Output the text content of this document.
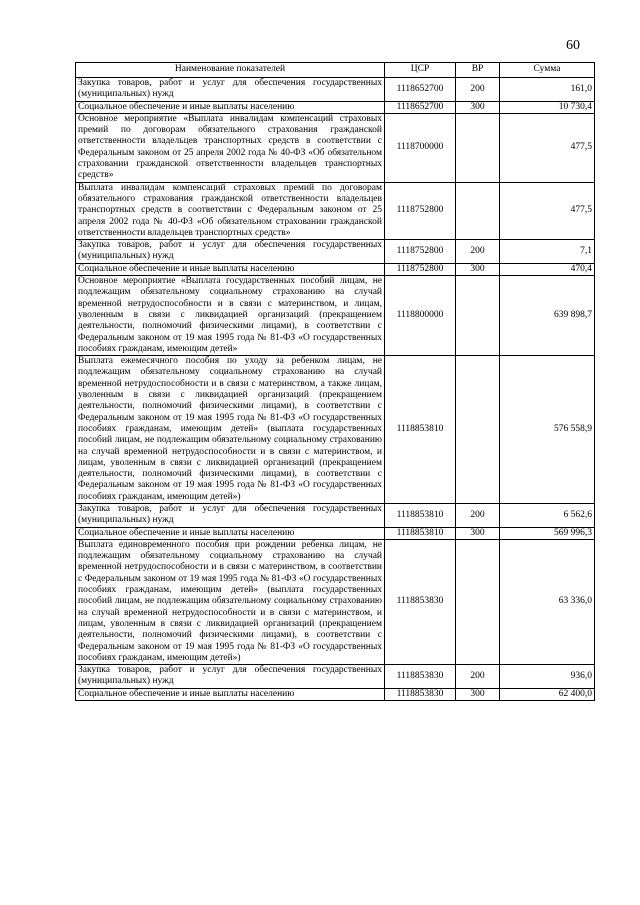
60
Наименование показателей	ЦСР	ВР	Сумма
Закупка товаров, работ и услуг для обеспечения государственных (муниципальных) нужд	1118652700	200	161,0
Социальное обеспечение и иные выплаты населению	1118652700	300	10 730,4
Основное мероприятие «Выплата инвалидам компенсаций страховых премий по договорам обязательного страхования гражданской ответственности владельцев транспортных средств в соответствии с Федеральным законом от 25 апреля 2002 года № 40-ФЗ «Об обязательном страховании гражданской ответственности владельцев транспортных средств»	1118700000		477,5
Выплата инвалидам компенсаций страховых премий по договорам обязательного страхования гражданской ответственности владельцев транспортных средств в соответствии с Федеральным законом от 25 апреля 2002 года № 40-ФЗ «Об обязательном страховании гражданской ответственности владельцев транспортных средств»	1118752800		477,5
Закупка товаров, работ и услуг для обеспечения государственных (муниципальных) нужд	1118752800	200	7,1
Социальное обеспечение и иные выплаты населению	1118752800	300	470,4
Основное мероприятие «Выплата государственных пособий лицам, не подлежащим обязательному социальному страхованию на случай временной нетрудоспособности и в связи с материнством, и лицам, уволенным в связи с ликвидацией организаций (прекращением деятельности, полномочий физическими лицами), в соответствии с Федеральным законом от 19 мая 1995 года № 81-ФЗ «О государственных пособиях гражданам, имеющим детей»	1118800000		639 898,7
Выплата ежемесячного пособия по уходу за ребенком лицам, не подлежащим обязательному социальному страхованию на случай временной нетрудоспособности и в связи с материнством, а также лицам, уволенным в связи с ликвидацией организаций (прекращением деятельности, полномочий физическими лицами), в соответствии с Федеральным законом от 19 мая 1995 года № 81-ФЗ «О государственных пособиях гражданам, имеющим детей» (выплата государственных пособий лицам, не подлежащим обязательному социальному страхованию на случай временной нетрудоспособности и в связи с материнством, и лицам, уволенным в связи с ликвидацией организаций (прекращением деятельности, полномочий физическими лицами), в соответствии с Федеральным законом от 19 мая 1995 года № 81-ФЗ «О государственных пособиях гражданам, имеющим детей»)	1118853810		576 558,9
Закупка товаров, работ и услуг для обеспечения государственных (муниципальных) нужд	1118853810	200	6 562,6
Социальное обеспечение и иные выплаты населению	1118853810	300	569 996,3
Выплата единовременного пособия при рождении ребенка лицам, не подлежащим обязательному социальному страхованию на случай временной нетрудоспособности и в связи с материнством, в соответствии с Федеральным законом от 19 мая 1995 года № 81-ФЗ «О государственных пособиях гражданам, имеющим детей» (выплата государственных пособий лицам, не подлежащим обязательному социальному страхованию на случай временной нетрудоспособности и в связи с материнством, и лицам, уволенным в связи с ликвидацией организаций (прекращением деятельности, полномочий физическими лицами), в соответствии с Федеральным законом от 19 мая 1995 года № 81-ФЗ «О государственных пособиях гражданам, имеющим детей»)	1118853830		63 336,0
Закупка товаров, работ и услуг для обеспечения государственных (муниципальных) нужд	1118853830	200	936,0
Социальное обеспечение и иные выплаты населению	1118853830	300	62 400,0
